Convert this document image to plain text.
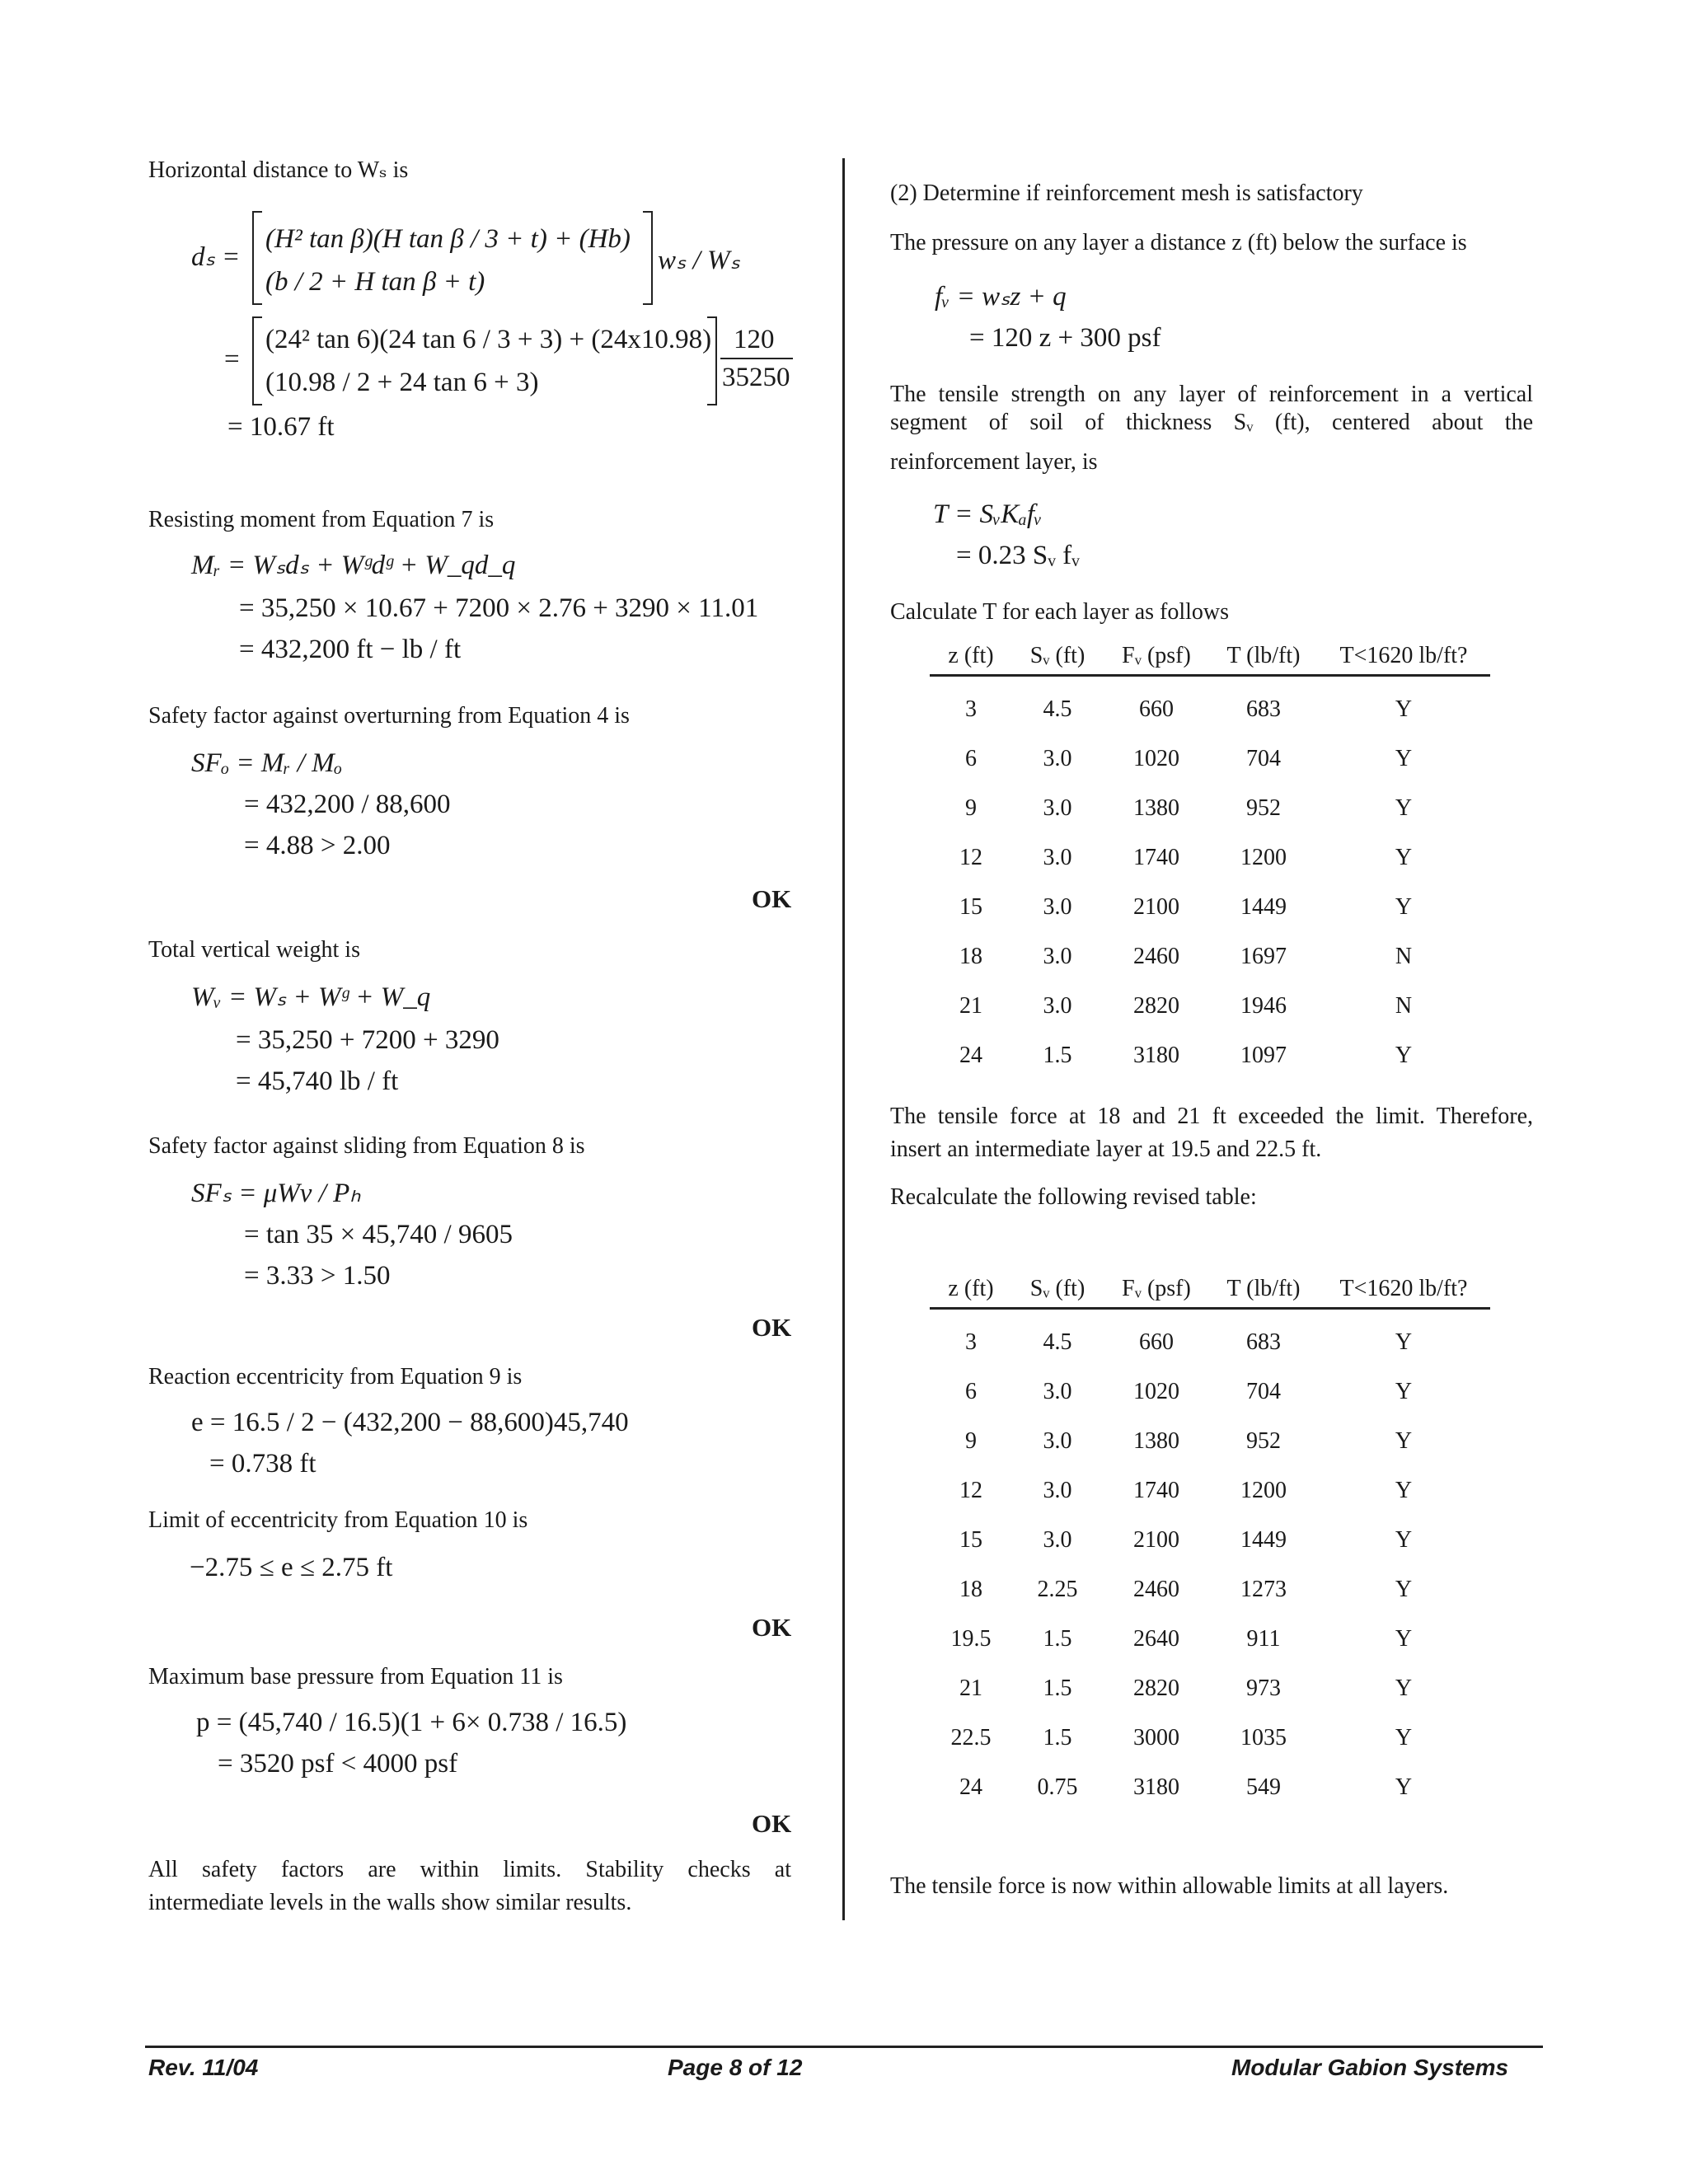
Horizontal distance to Wₛ is
dₛ =
(H² tan β)(H tan β / 3 + t) + (Hb)
(b / 2 + H tan β + t)
wₛ / Wₛ
=
(24² tan 6)(24 tan 6 / 3 + 3) + (24x10.98)
(10.98 / 2 + 24 tan 6 + 3)
120
35250
= 10.67 ft
Resisting moment from Equation 7 is
Mᵣ = Wₛdₛ + Wᵍdᵍ + W_qd_q
= 35,250 × 10.67 + 7200 × 2.76 + 3290 × 11.01
= 432,200 ft − lb / ft
Safety factor against overturning from Equation 4 is
SFₒ = Mᵣ / Mₒ
= 432,200 / 88,600
= 4.88 > 2.00
OK
Total vertical weight is
Wᵥ = Wₛ + Wᵍ + W_q
= 35,250 + 7200 + 3290
= 45,740 lb / ft
Safety factor against sliding from Equation 8 is
SFₛ = μWv / Pₕ
= tan 35 × 45,740 / 9605
= 3.33 > 1.50
OK
Reaction eccentricity from Equation 9 is
e = 16.5 / 2 − (432,200 − 88,600)45,740
= 0.738 ft
Limit of eccentricity from Equation 10 is
−2.75 ≤ e ≤ 2.75 ft
OK
Maximum base pressure from Equation 11 is
p = (45,740 / 16.5)(1 + 6× 0.738 / 16.5)
= 3520 psf < 4000 psf
OK
All safety factors are within limits. Stability checks at
intermediate levels in the walls show similar results.
(2) Determine if reinforcement mesh is satisfactory
The pressure on any layer a distance z (ft) below the surface is
fᵥ = wₛz + q
= 120 z + 300 psf
The tensile strength on any layer of reinforcement in a vertical
segment of soil of thickness Sᵥ (ft), centered about the
reinforcement layer, is
T = SᵥKₐfᵥ
= 0.23 Sᵥ fᵥ
Calculate T for each layer as follows
z (ft)	Sᵥ (ft)	Fᵥ (psf)	T (lb/ft)	T<1620 lb/ft?
3	4.5	660	683	Y
6	3.0	1020	704	Y
9	3.0	1380	952	Y
12	3.0	1740	1200	Y
15	3.0	2100	1449	Y
18	3.0	2460	1697	N
21	3.0	2820	1946	N
24	1.5	3180	1097	Y
The tensile force at 18 and 21 ft exceeded the limit. Therefore,
insert an intermediate layer at 19.5 and 22.5 ft.
Recalculate the following revised table:
z (ft)	Sᵥ (ft)	Fᵥ (psf)	T (lb/ft)	T<1620 lb/ft?
3	4.5	660	683	Y
6	3.0	1020	704	Y
9	3.0	1380	952	Y
12	3.0	1740	1200	Y
15	3.0	2100	1449	Y
18	2.25	2460	1273	Y
19.5	1.5	2640	911	Y
21	1.5	2820	973	Y
22.5	1.5	3000	1035	Y
24	0.75	3180	549	Y
The tensile force is now within allowable limits at all layers.
Rev. 11/04	Page 8 of 12	Modular Gabion Systems
